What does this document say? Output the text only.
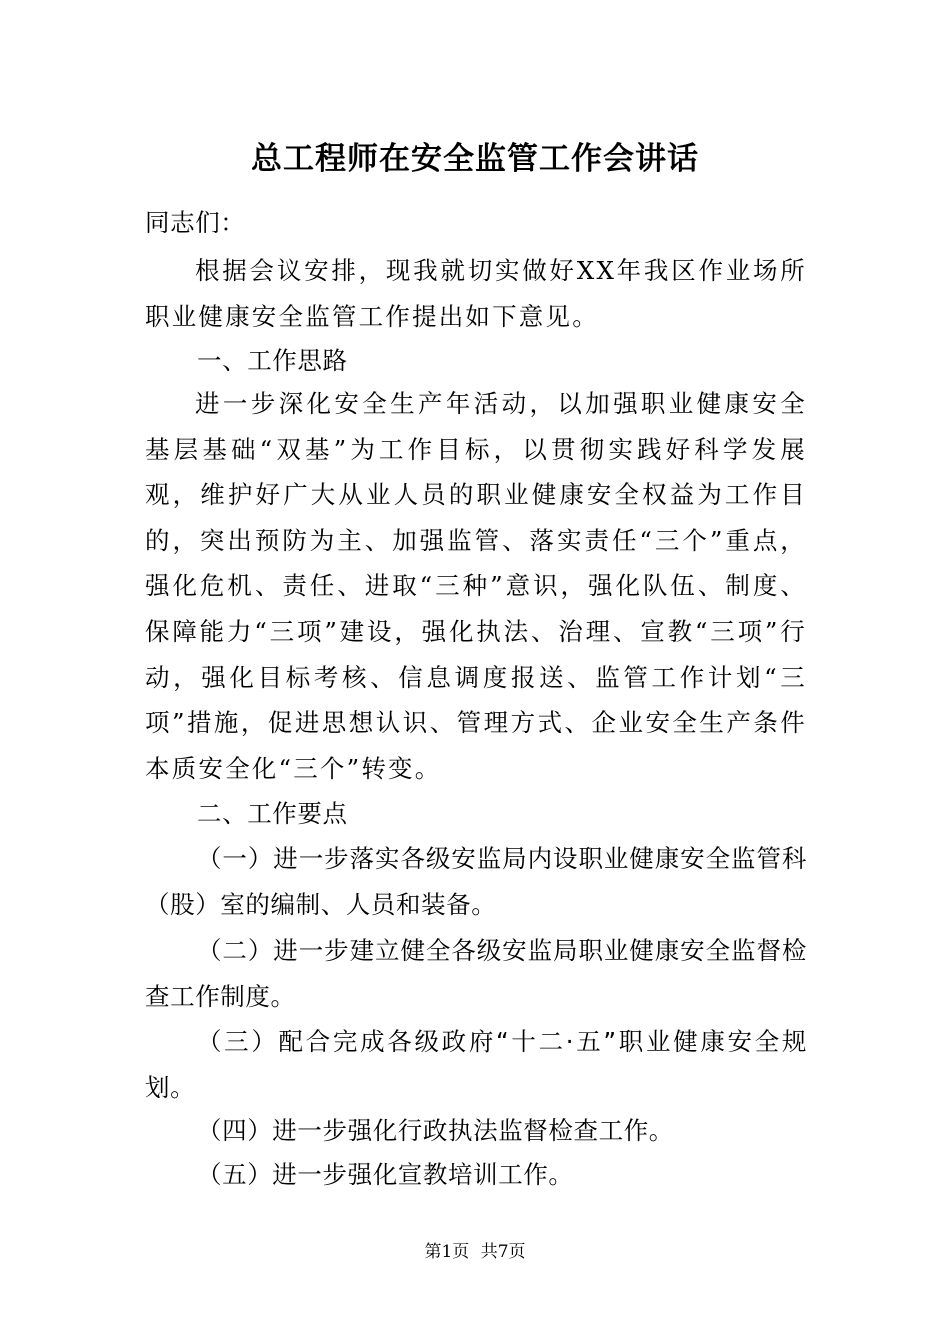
总工程师在安全监管工作会讲话
同志们：
根据会议安排，现我就切实做好XX年我区作业场所职业健康安全监管工作提出如下意见。
一、工作思路
进一步深化安全生产年活动，以加强职业健康安全基层基础“双基”为工作目标，以贯彻实践好科学发展观，维护好广大从业人员的职业健康安全权益为工作目的，突出预防为主、加强监管、落实责任“三个”重点，强化危机、责任、进取“三种”意识，强化队伍、制度、保障能力“三项”建设，强化执法、治理、宣教“三项”行动，强化目标考核、信息调度报送、监管工作计划“三项”措施，促进思想认识、管理方式、企业安全生产条件本质安全化“三个”转变。
二、工作要点
（一）进一步落实各级安监局内设职业健康安全监管科（股）室的编制、人员和装备。
（二）进一步建立健全各级安监局职业健康安全监督检查工作制度。
（三）配合完成各级政府“十二·五”职业健康安全规划。
（四）进一步强化行政执法监督检查工作。
（五）进一步强化宣教培训工作。
第1页 共7页
